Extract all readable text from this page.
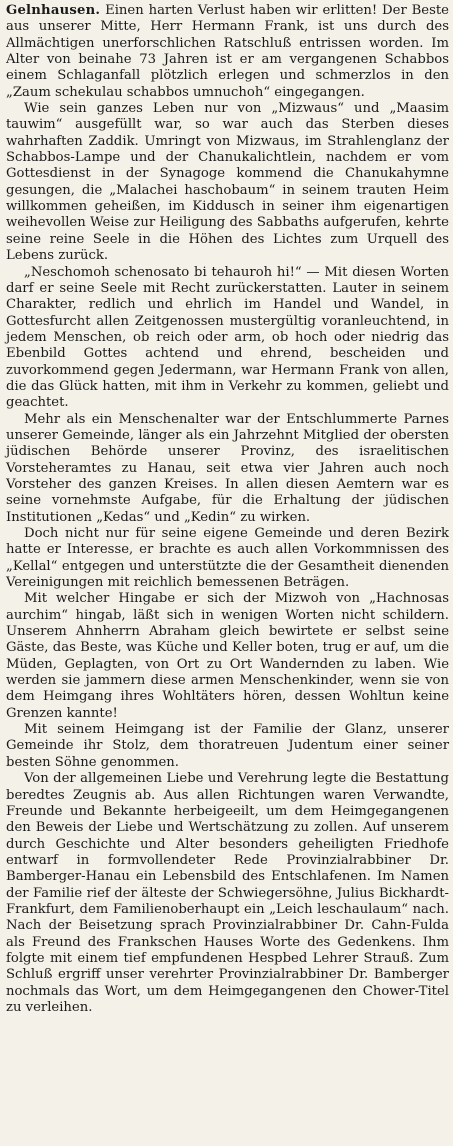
Gelnhausen. Einen harten Verlust haben wir erlitten! Der Beste aus unserer Mitte, Herr Hermann Frank, ist uns durch des Allmächtigen unerforschlichen Ratschluß entrissen worden. Im Alter von beinahe 73 Jahren ist er am vergangenen Schabbos einem Schlaganfall plötzlich erlegen und schmerzlos in den „Zaum schekulau schabbos umnuchoh“ eingegangen.

Wie sein ganzes Leben nur von „Mizwaus“ und „Maasim tauwim“ ausgefüllt war, so war auch das Sterben dieses wahrhaften Zaddik. Umringt von Mizwaus, im Strahlenglanz der Schabbos-Lampe und der Chanukalichtlein, nachdem er vom Gottesdienst in der Synagoge kommend die Chanukahymne gesungen, die „Malachei haschobaum“ in seinem trauten Heim willkommen geheißen, im Kiddusch in seiner ihm eigenartigen weihevollen Weise zur Heiligung des Sabbaths aufgerufen, kehrte seine reine Seele in die Höhen des Lichtes zum Urquell des Lebens zurück.

„Neschomoh schenosato bi tehauroh hi!“ — Mit diesen Worten darf er seine Seele mit Recht zurückerstatten. Lauter in seinem Charakter, redlich und ehrlich im Handel und Wandel, in Gottesfurcht allen Zeitgenossen mustergültig voranleuchtend, in jedem Menschen, ob reich oder arm, ob hoch oder niedrig das Ebenbild Gottes achtend und ehrend, bescheiden und zuvorkommend gegen Jedermann, war Hermann Frank von allen, die das Glück hatten, mit ihm in Verkehr zu kommen, geliebt und geachtet.

Mehr als ein Menschenalter war der Entschlummerte Parnes unserer Gemeinde, länger als ein Jahrzehnt Mitglied der obersten jüdischen Behörde unserer Provinz, des israelitischen Vorsteheramtes zu Hanau, seit etwa vier Jahren auch noch Vorsteher des ganzen Kreises. In allen diesen Aemtern war es seine vornehmste Aufgabe, für die Erhaltung der jüdischen Institutionen „Kedas“ und „Kedin“ zu wirken.

Doch nicht nur für seine eigene Gemeinde und deren Bezirk hatte er Interesse, er brachte es auch allen Vorkommnissen des „Kellal“ entgegen und unterstützte die der Gesamtheit dienenden Vereinigungen mit reichlich bemessenen Beträgen.

Mit welcher Hingabe er sich der Mizwoh von „Hachnosas aurchim“ hingab, läßt sich in wenigen Worten nicht schildern. Unserem Ahnherrn Abraham gleich bewirtete er selbst seine Gäste, das Beste, was Küche und Keller boten, trug er auf, um die Müden, Geplagten, von Ort zu Ort Wandernden zu laben. Wie werden sie jammern diese armen Menschenkinder, wenn sie von dem Heimgang ihres Wohltäters hören, dessen Wohltun keine Grenzen kannte!

Mit seinem Heimgang ist der Familie der Glanz, unserer Gemeinde ihr Stolz, dem thoratreuen Judentum einer seiner besten Söhne genommen.

Von der allgemeinen Liebe und Verehrung legte die Bestattung beredtes Zeugnis ab. Aus allen Richtungen waren Verwandte, Freunde und Bekannte herbeigeeilt, um dem Heimgegangenen den Beweis der Liebe und Wertschätzung zu zollen. Auf unserem durch Geschichte und Alter besonders geheiligten Friedhofe entwarf in formvollendeter Rede Provinzialrabbiner Dr. Bamberger-Hanau ein Lebensbild des Entschlafenen. Im Namen der Familie rief der älteste der Schwiegersöhne, Julius Bickhardt-Frankfurt, dem Familienoberhaupt ein „Leich leschaulaum“ nach. Nach der Beisetzung sprach Provinzialrabbiner Dr. Cahn-Fulda als Freund des Frankschen Hauses Worte des Gedenkens. Ihm folgte mit einem tief empfundenen Hespbed Lehrer Strauß. Zum Schluß ergriff unser verehrter Provinzialrabbiner Dr. Bamberger nochmals das Wort, um dem Heimgegangenen den Chower-Titel zu verleihen.
